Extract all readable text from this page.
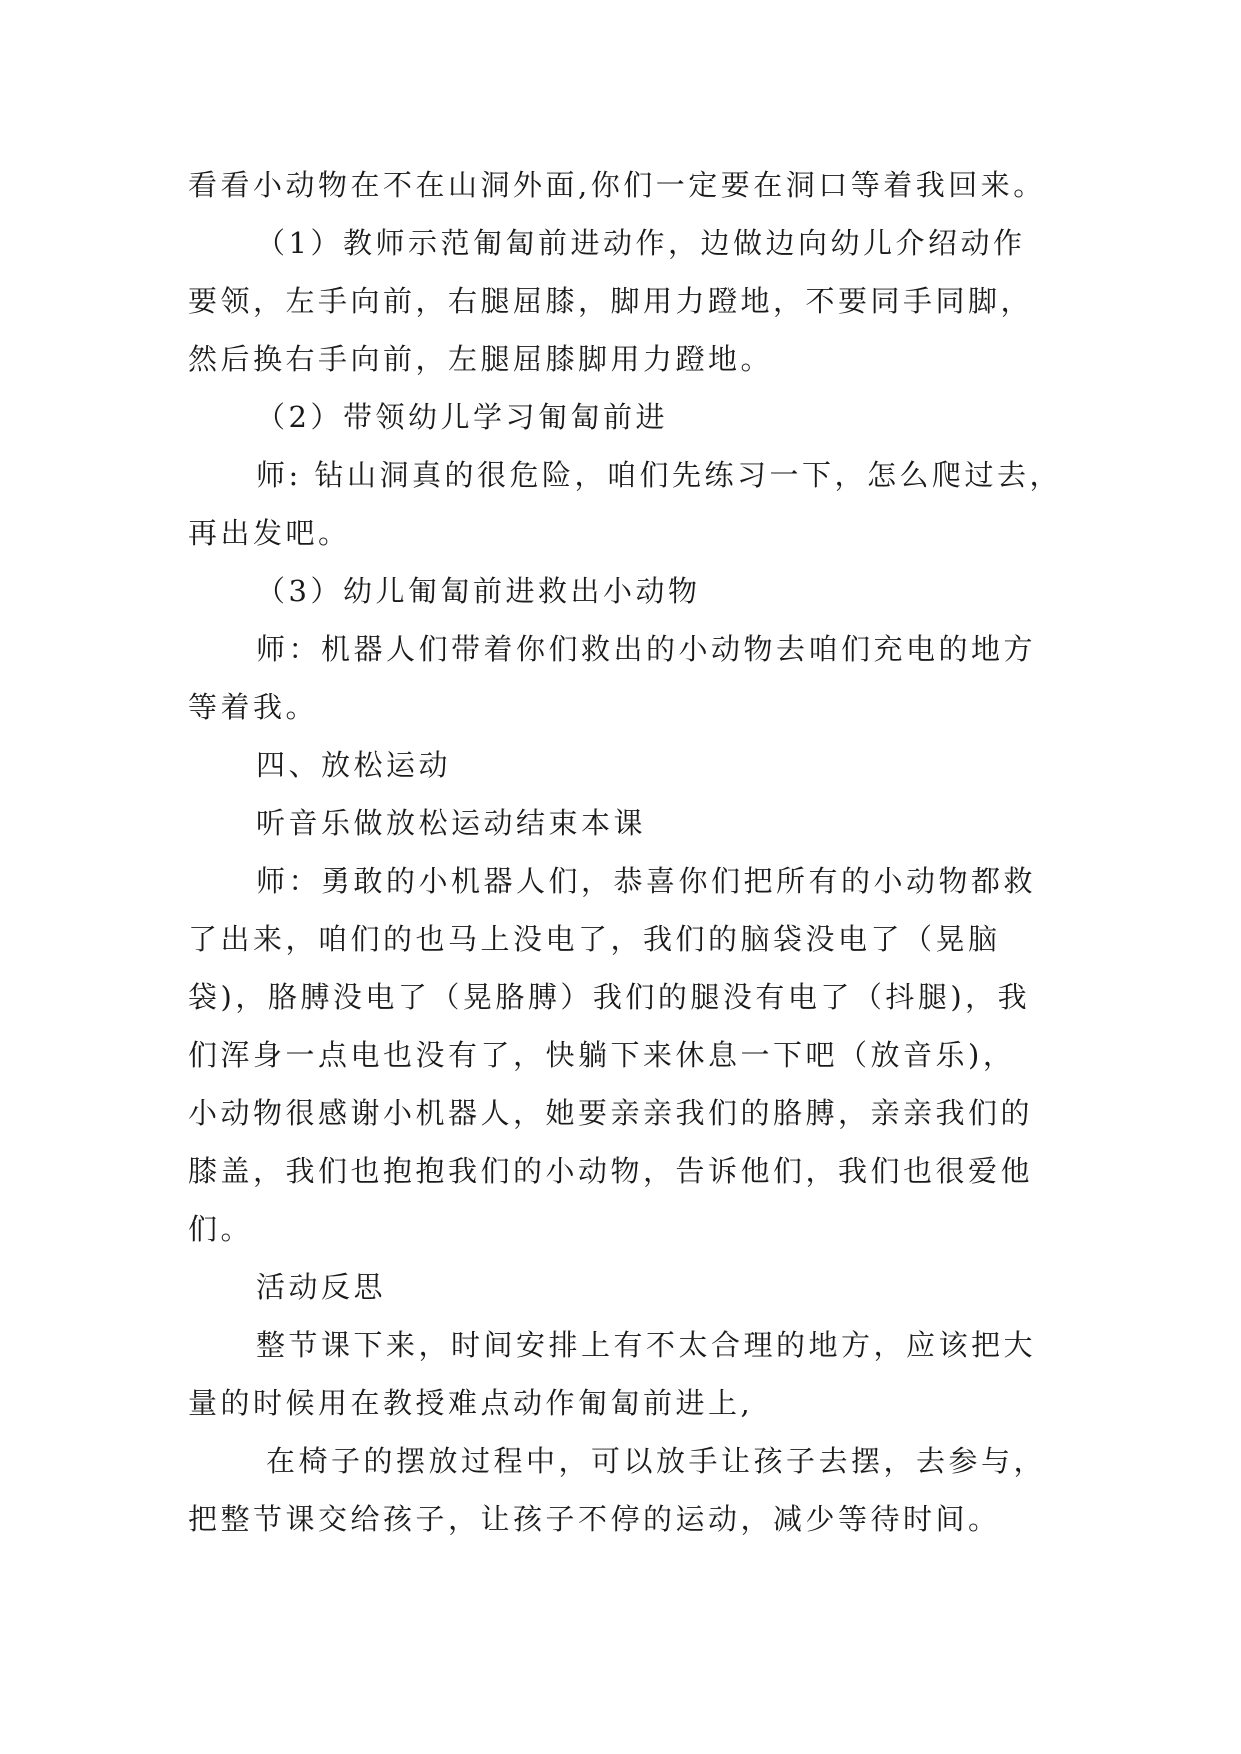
看看小动物在不在山洞外面,你们一定要在洞口等着我回来。

（1）教师示范匍匐前进动作，边做边向幼儿介绍动作

要领，左手向前，右腿屈膝，脚用力蹬地，不要同手同脚，

然后换右手向前，左腿屈膝脚用力蹬地。

（2）带领幼儿学习匍匐前进

师: 钻山洞真的很危险，咱们先练习一下，怎么爬过去，

再出发吧。

（3）幼儿匍匐前进救出小动物

师：机器人们带着你们救出的小动物去咱们充电的地方

等着我。

四、放松运动

听音乐做放松运动结束本课

师：勇敢的小机器人们，恭喜你们把所有的小动物都救

了出来，咱们的也马上没电了，我们的脑袋没电了（晃脑

袋)，胳膊没电了（晃胳膊）我们的腿没有电了（抖腿)，我

们浑身一点电也没有了，快躺下来休息一下吧（放音乐)，

小动物很感谢小机器人，她要亲亲我们的胳膊，亲亲我们的

膝盖，我们也抱抱我们的小动物，告诉他们，我们也很爱他

们。

活动反思

整节课下来，时间安排上有不太合理的地方，应该把大

量的时候用在教授难点动作匍匐前进上,

在椅子的摆放过程中，可以放手让孩子去摆，去参与，

把整节课交给孩子，让孩子不停的运动，减少等待时间。
